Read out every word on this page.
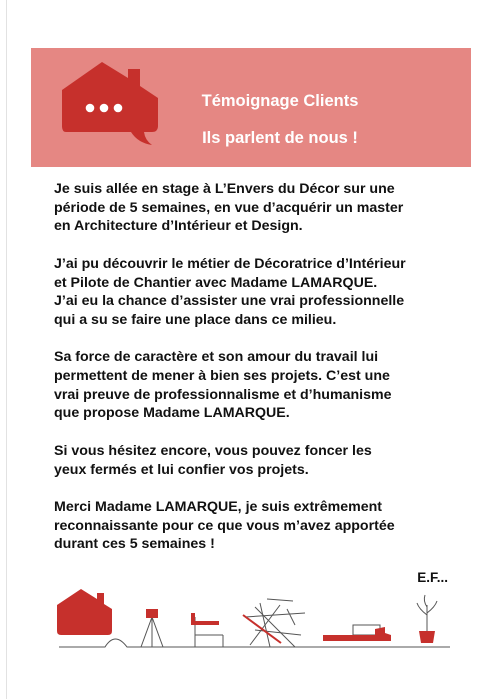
Témoignage Clients
Ils parlent de nous !

Je suis allée en stage à L’Envers du Décor sur une
période de 5 semaines, en vue d’acquérir un master
en Architecture d’Intérieur et Design.

J’ai pu découvrir le métier de Décoratrice d’Intérieur
et Pilote de Chantier avec Madame LAMARQUE.
J’ai eu la chance d’assister une vrai professionnelle
qui a su se faire une place dans ce milieu.

Sa force de caractère et son amour du travail lui
permettent de mener à bien ses projets. C’est une
vrai preuve de professionnalisme et d’humanisme
que propose Madame LAMARQUE.

Si vous hésitez encore, vous pouvez foncer les
yeux fermés et lui confier vos projets.

Merci Madame LAMARQUE, je suis extrêmement
reconnaissante pour ce que vous m’avez apportée
durant ces 5 semaines !

E.F...
